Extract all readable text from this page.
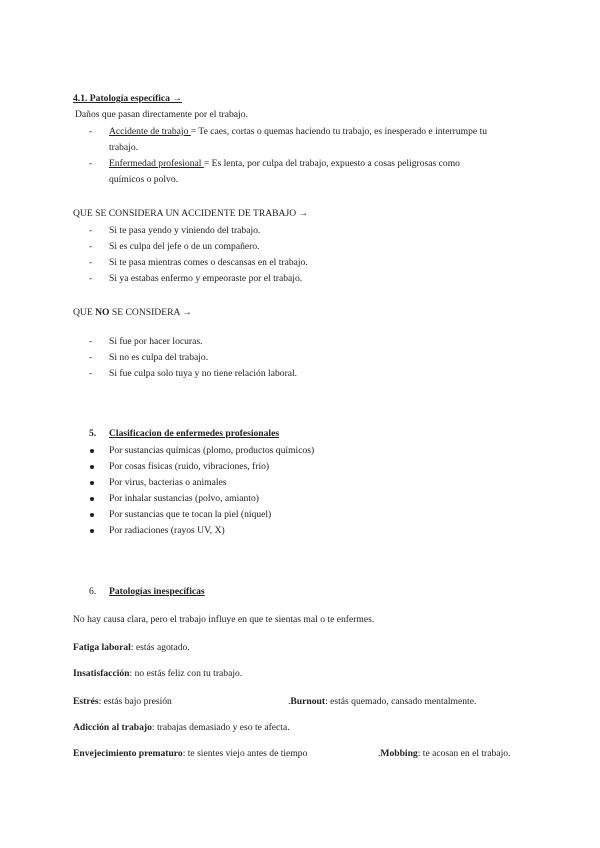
4.1. Patología específica →
Daños que pasan directamente por el trabajo.
- Accidente de trabajo = Te caes, cortas o quemas haciendo tu trabajo, es inesperado e interrumpe tu
trabajo.
- Enfermedad profesional = Es lenta, por culpa del trabajo, expuesto a cosas peligrosas como
químicos o polvo.
QUE SE CONSIDERA UN ACCIDENTE DE TRABAJO →
- Si te pasa yendo y viniendo del trabajo.
- Si es culpa del jefe o de un compañero.
- Si te pasa mientras comes o descansas en el trabajo.
- Si ya estabas enfermo y empeoraste por el trabajo.
QUE NO SE CONSIDERA →
- Si fue por hacer locuras.
- Si no es culpa del trabajo.
- Si fue culpa solo tuya y no tiene relación laboral.
5. Clasificacion de enfermedes profesionales
Por sustancias químicas (plomo, productos químicos)
Por cosas físicas (ruido, vibraciones, frío)
Por virus, bacterias o animales
Por inhalar sustancias (polvo, amianto)
Por sustancias que te tocan la piel (níquel)
Por radiaciones (rayos UV, X)
6. Patologías inespecíficas
No hay causa clara, pero el trabajo influye en que te sientas mal o te enfermes.
Fatiga laboral: estás agotado.
Insatisfacción: no estás feliz con tu trabajo.
Estrés: estás bajo presión	.Burnout: estás quemado, cansado mentalmente.
Adicción al trabajo: trabajas demasiado y eso te afecta.
Envejecimiento prematuro: te sientes viejo antes de tiempo	.Mobbing: te acosan en el trabajo.
